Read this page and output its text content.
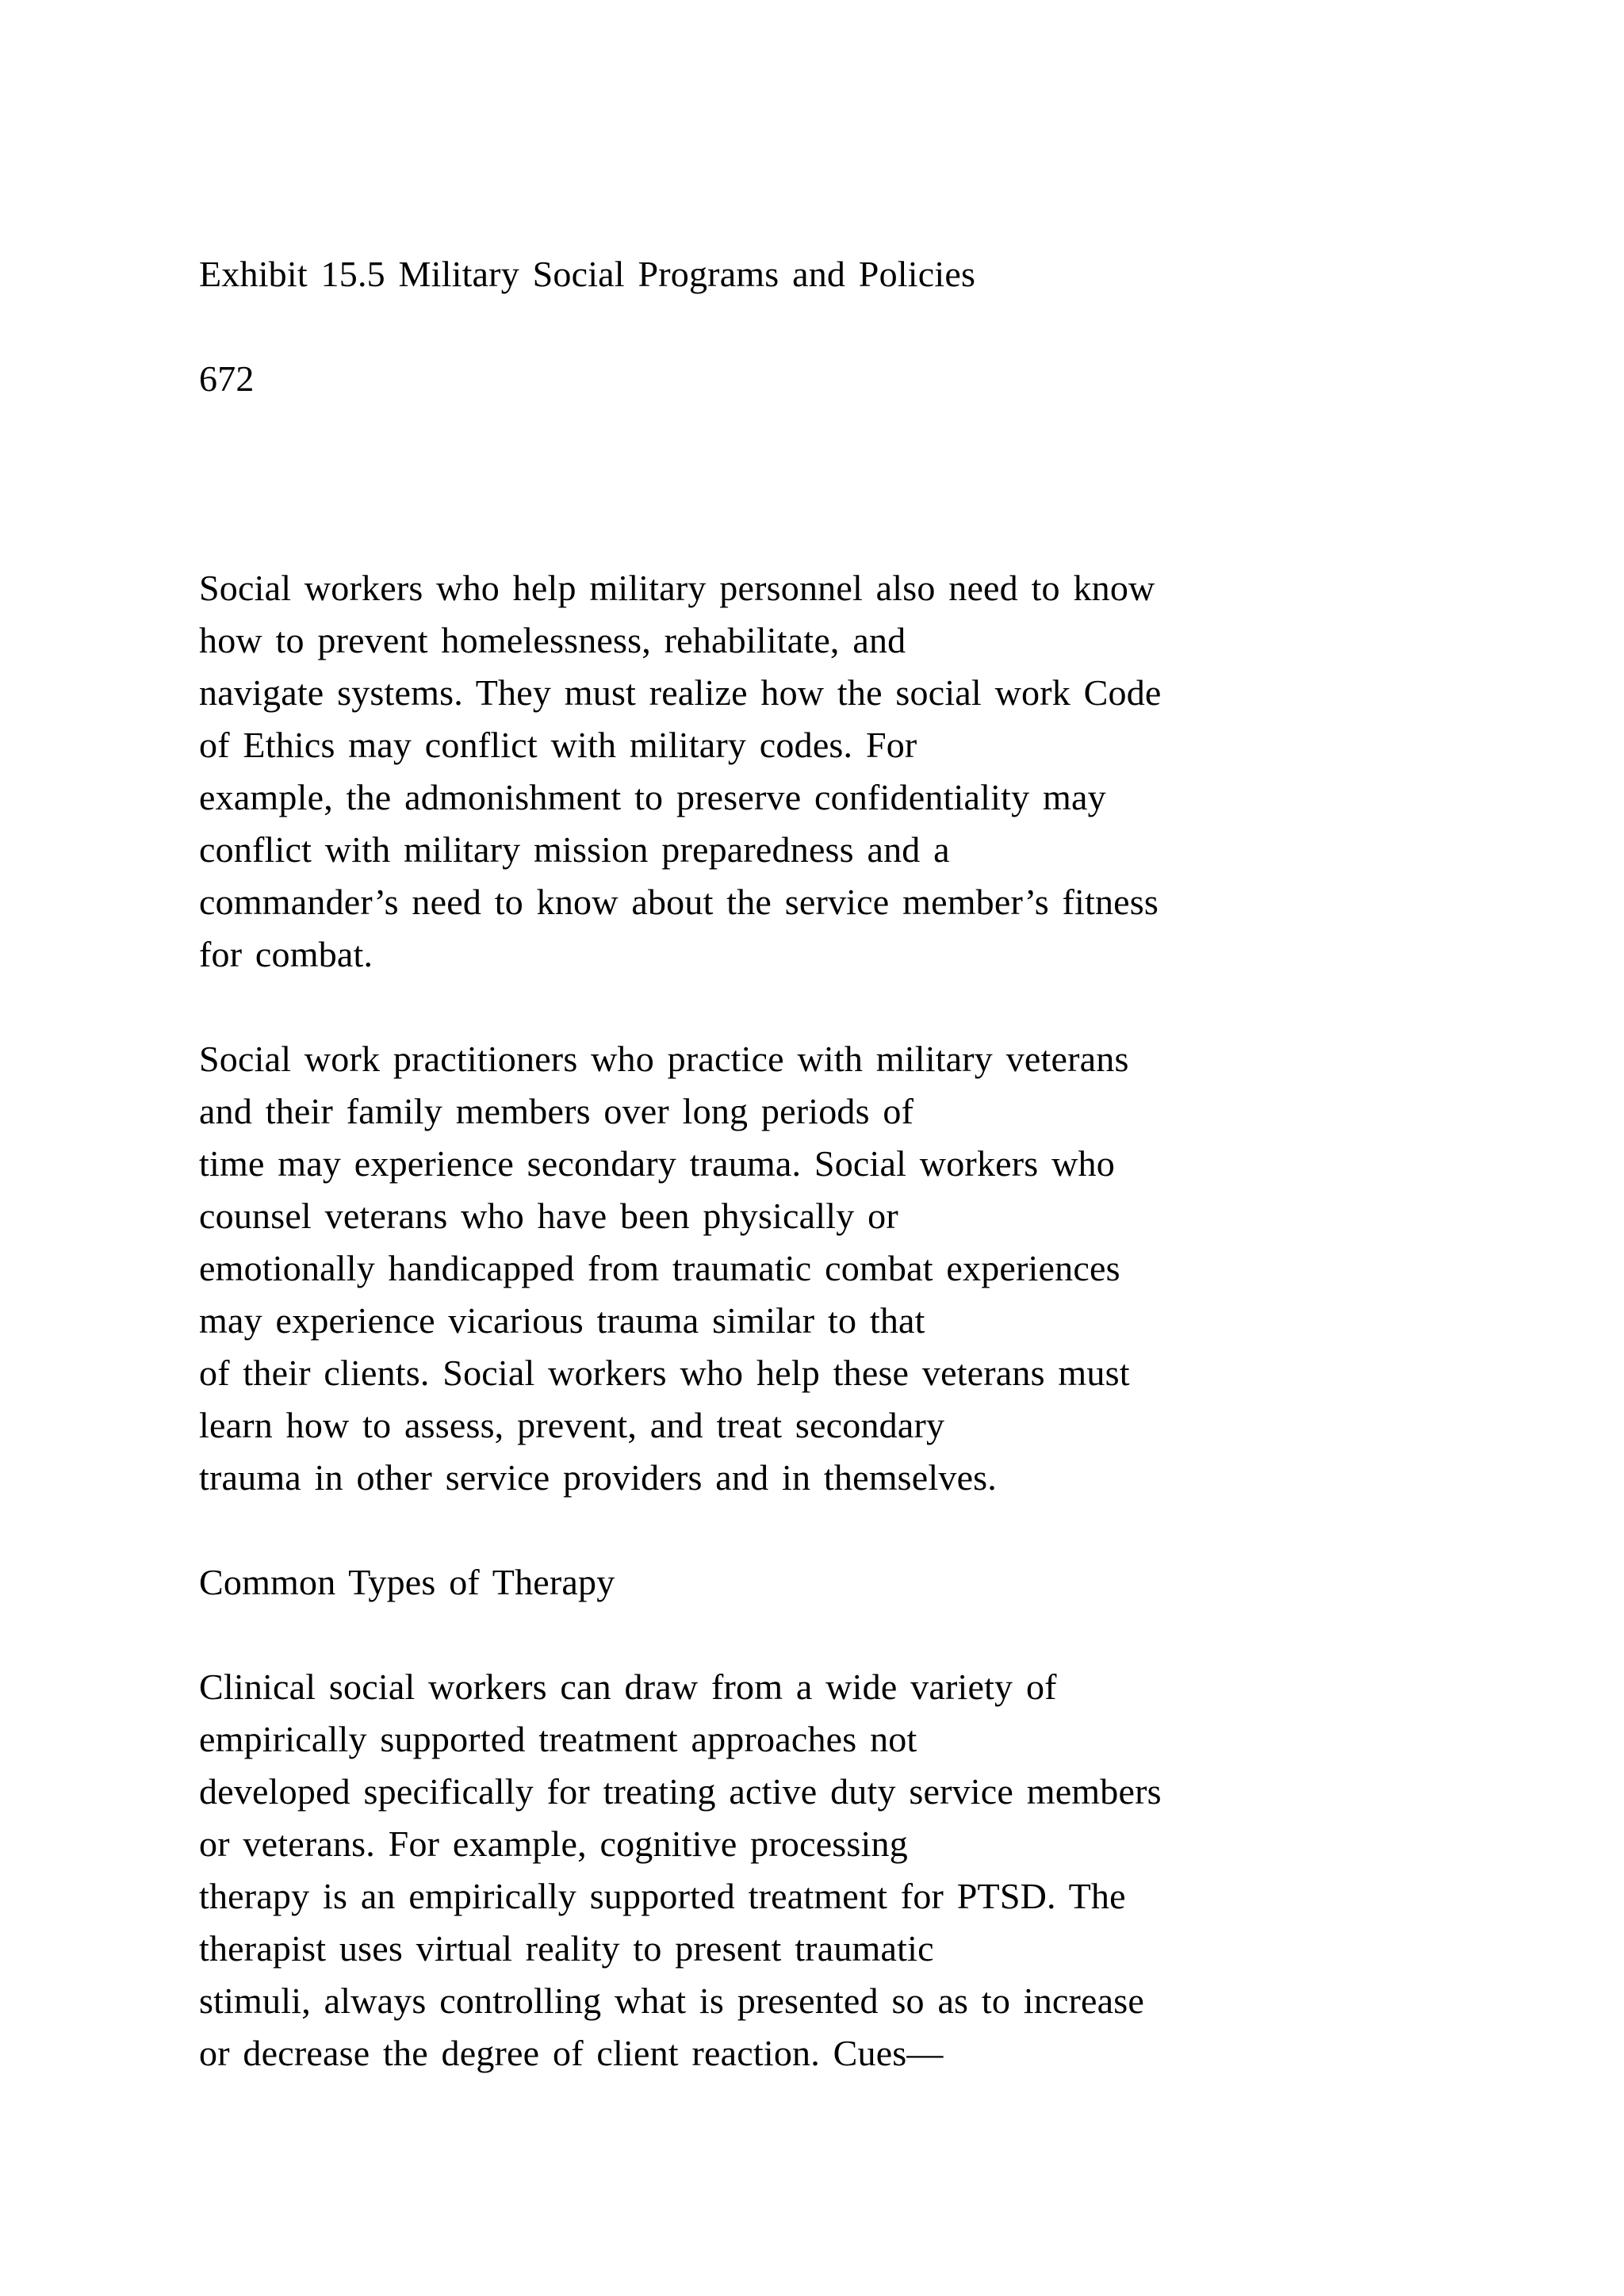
Exhibit 15.5 Military Social Programs and Policies

672

Social workers who help military personnel also need to know

how to prevent homelessness, rehabilitate, and

navigate systems. They must realize how the social work Code

of Ethics may conflict with military codes. For

example, the admonishment to preserve confidentiality may

conflict with military mission preparedness and a

commander’s need to know about the service member’s fitness

for combat.

Social work practitioners who practice with military veterans

and their family members over long periods of

time may experience secondary trauma. Social workers who

counsel veterans who have been physically or

emotionally handicapped from traumatic combat experiences

may experience vicarious trauma similar to that

of their clients. Social workers who help these veterans must

learn how to assess, prevent, and treat secondary

trauma in other service providers and in themselves.

Common Types of Therapy

Clinical social workers can draw from a wide variety of

empirically supported treatment approaches not

developed specifically for treating active duty service members

or veterans. For example, cognitive processing

therapy is an empirically supported treatment for PTSD. The

therapist uses virtual reality to present traumatic

stimuli, always controlling what is presented so as to increase

or decrease the degree of client reaction. Cues—
